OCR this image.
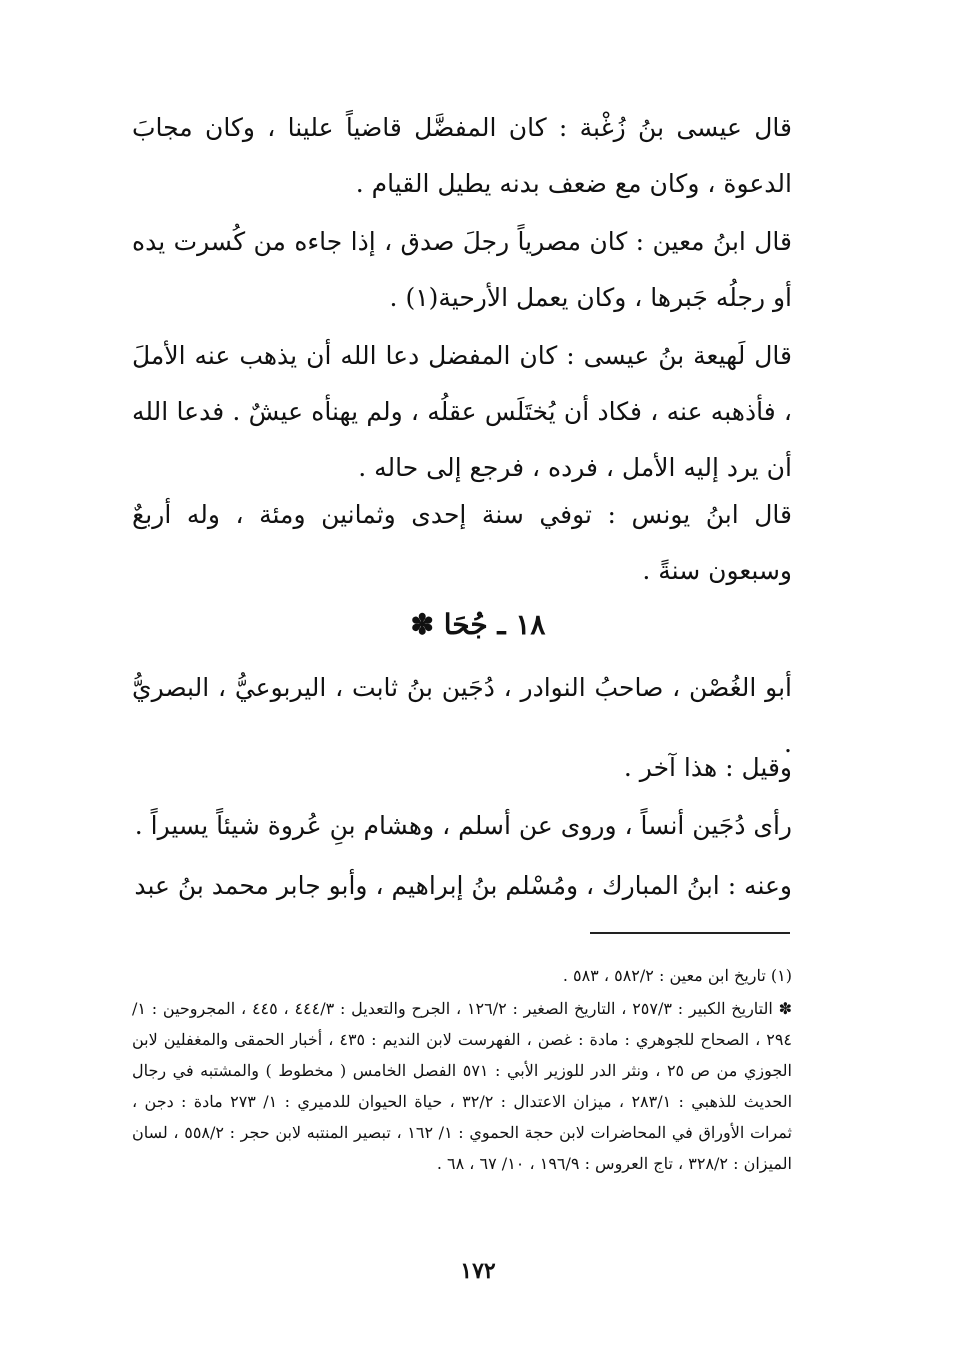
قال عيسى بنُ زُغْبة : كان المفضَّل قاضياً علينا ، وكان مجابَ الدعوة ، وكان مع ضعف بدنه يطيل القيام .

قال ابنُ معين : كان مصرياً رجلَ صدق ، إذا جاءه من كُسرت يده أو رجلُه جَبرها ، وكان يعمل الأرحية(١) .

قال لَهيعة بنُ عيسى : كان المفضل دعا الله أن يذهب عنه الأملَ ، فأذهبه عنه ، فكاد أن يُختَلَس عقلُه ، ولم يهنأه عيشٌ . فدعا الله أن يرد إليه الأمل ، فرده ، فرجع إلى حاله .

قال ابنُ يونس : توفي سنة إحدى وثمانين ومئة ، وله أربعٌ وسبعون سنةً .

١٨ ـ جُحَا ✽

أبو الغُصْن ، صاحبُ النوادر ، دُجَين بنُ ثابت ، اليربوعيُّ ، البصريُّ .

وقيل : هذا آخر .

رأى دُجَين أنساً ، وروى عن أسلم ، وهشام بنِ عُروة شيئاً يسيراً .

وعنه : ابنُ المبارك ، ومُسْلم بنُ إبراهيم ، وأبو جابر محمد بنُ عبد

(١) تاريخ ابن معين : ٥٨٢/٢ ، ٥٨٣ .

✽ التاريخ الكبير : ٢٥٧/٣ ، التاريخ الصغير : ١٢٦/٢ ، الجرح والتعديل : ٤٤٤/٣ ، ٤٤٥ ، المجروحين : ١/ ٢٩٤ ، الصحاح للجوهري : مادة : غصن ، الفهرست لابن النديم : ٤٣٥ ، أخبار الحمقى والمغفلين لابن الجوزي من ص ٢٥ ، ونثر الدر للوزير الأبي : ٥٧١ الفصل الخامس ( مخطوط ) والمشتبه في رجال الحديث للذهبي : ٢٨٣/١ ، ميزان الاعتدال : ٣٢/٢ ، حياة الحيوان للدميري : ١/ ٢٧٣ مادة : دجن ، ثمرات الأوراق في المحاضرات لابن حجة الحموي : ١/ ١٦٢ ، تبصير المنتبه لابن حجر : ٥٥٨/٢ ، لسان الميزان : ٣٢٨/٢ ، تاج العروس : ١٩٦/٩ ، ١٠/ ٦٧ ، ٦٨ .

١٧٢
